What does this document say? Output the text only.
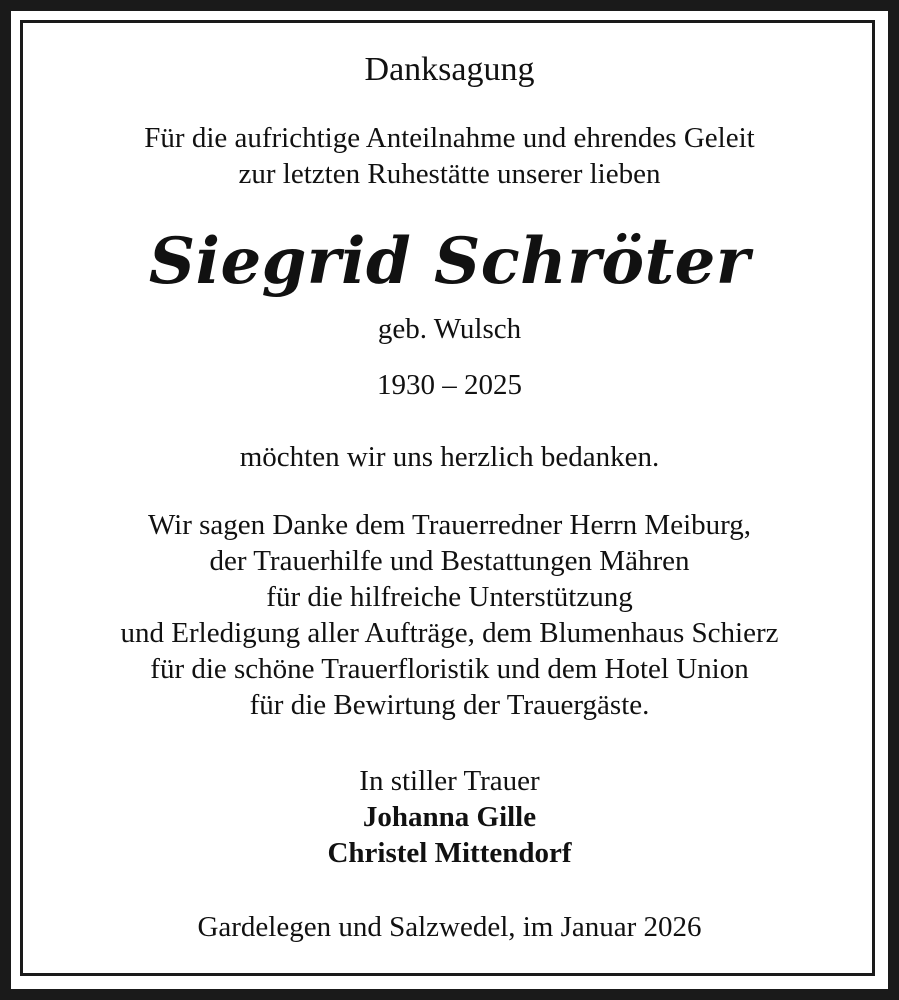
Danksagung
Für die aufrichtige Anteilnahme und ehrendes Geleit
zur letzten Ruhestätte unserer lieben
Siegrid Schröter
geb. Wulsch
1930 – 2025
möchten wir uns herzlich bedanken.
Wir sagen Danke dem Trauerredner Herrn Meiburg,
der Trauerhilfe und Bestattungen Mähren
für die hilfreiche Unterstützung
und Erledigung aller Aufträge, dem Blumenhaus Schierz
für die schöne Trauerfloristik und dem Hotel Union
für die Bewirtung der Trauergäste.
In stiller Trauer
Johanna Gille
Christel Mittendorf
Gardelegen und Salzwedel, im Januar 2026
